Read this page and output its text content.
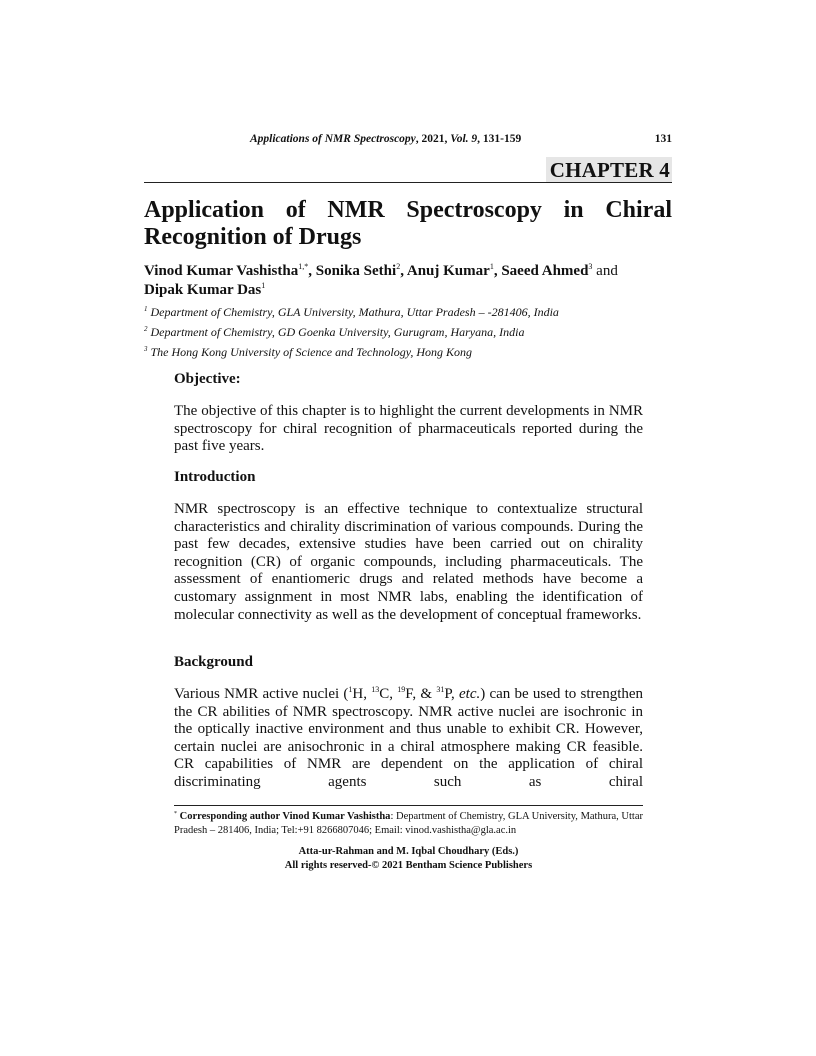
Applications of NMR Spectroscopy, 2021, Vol. 9, 131-159	131
CHAPTER 4
Application of NMR Spectroscopy in Chiral
Recognition of Drugs
Vinod Kumar Vashistha$^{1,*}$, Sonika Sethi$^2$, Anuj Kumar$^1$, Saeed Ahmed$^3$ and
Dipak Kumar Das$^1$
$^1$ Department of Chemistry, GLA University, Mathura, Uttar Pradesh – -281406, India
$^2$ Department of Chemistry, GD Goenka University, Gurugram, Haryana, India
$^3$ The Hong Kong University of Science and Technology, Hong Kong
Objective:
The objective of this chapter is to highlight the current developments in NMR spectroscopy for chiral recognition of pharmaceuticals reported during the past five years.
Introduction
NMR spectroscopy is an effective technique to contextualize structural characteristics and chirality discrimination of various compounds. During the past few decades, extensive studies have been carried out on chirality recognition (CR) of organic compounds, including pharmaceuticals. The assessment of enantiomeric drugs and related methods have become a customary assignment in most NMR labs, enabling the identification of molecular connectivity as well as the development of conceptual frameworks.
Background
Various NMR active nuclei ($^1$H, $^{13}$C, $^{19}$F, & $^{31}$P, etc.) can be used to strengthen the CR abilities of NMR spectroscopy. NMR active nuclei are isochronic in the optically inactive environment and thus unable to exhibit CR. However, certain nuclei are anisochronic in a chiral atmosphere making CR feasible. CR capabilities of NMR are dependent on the application of chiral discriminating agents such as chiral
* Corresponding author Vinod Kumar Vashistha: Department of Chemistry, GLA University, Mathura, Uttar Pradesh – 281406, India; Tel:+91 8266807046; Email: vinod.vashistha@gla.ac.in
Atta-ur-Rahman and M. Iqbal Choudhary (Eds.)
All rights reserved-© 2021 Bentham Science Publishers
